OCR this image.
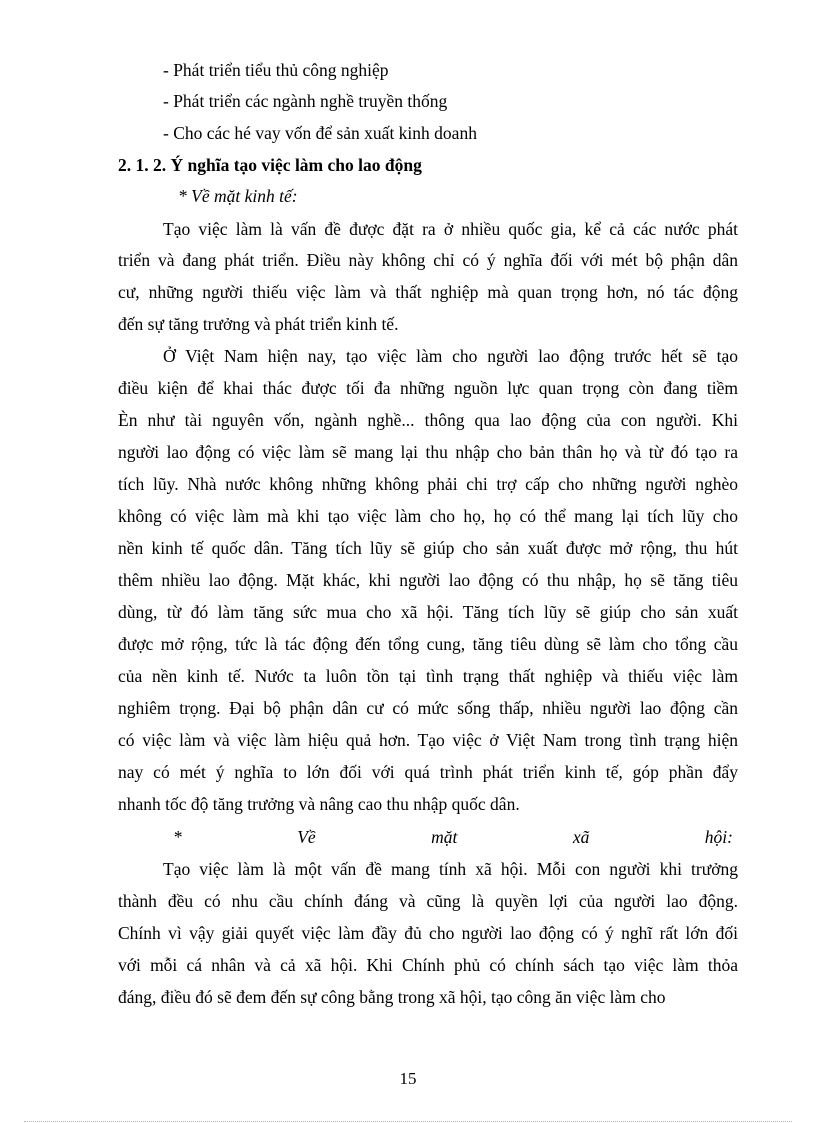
- Phát triển tiểu thủ công nghiệp
- Phát triển các ngành nghề truyền thống
- Cho các hé vay vốn để sản xuất kinh doanh
2. 1. 2. Ý nghĩa tạo việc làm cho lao động
* Về mặt kinh tế:
Tạo việc làm là vấn đề được đặt ra ở nhiều quốc gia, kể cả các nước phát
triển và đang phát triển. Điều này không chỉ có ý nghĩa đối với mét bộ phận dân
cư, những người thiếu việc làm và thất nghiệp mà quan trọng hơn, nó tác động
đến sự tăng trưởng và phát triển kinh tế.
Ở Việt Nam hiện nay, tạo việc làm cho người lao động trước hết sẽ tạo
điều kiện để khai thác được tối đa những nguồn lực quan trọng còn đang tiềm
Èn như tài nguyên vốn, ngành nghề... thông qua lao động của con người. Khi
người lao động có việc làm sẽ mang lại thu nhập cho bản thân họ và từ đó tạo ra
tích lũy. Nhà nước không những không phải chi trợ cấp cho những người nghèo
không có việc làm mà khi tạo việc làm cho họ, họ có thể mang lại tích lũy cho
nền kinh tế quốc dân. Tăng tích lũy sẽ giúp cho sản xuất được mở rộng, thu hút
thêm nhiều lao động. Mặt khác, khi người lao động có thu nhập, họ sẽ tăng tiêu
dùng, từ đó làm tăng sức mua cho xã hội. Tăng tích lũy sẽ giúp cho sản xuất
được mở rộng, tức là tác động đến tổng cung, tăng tiêu dùng sẽ làm cho tổng cầu
của nền kinh tế. Nước ta luôn tồn tại tình trạng thất nghiệp và thiếu việc làm
nghiêm trọng. Đại bộ phận dân cư có mức sống thấp, nhiều người lao động cần
có việc làm và việc làm hiệu quả hơn. Tạo việc ở Việt Nam trong tình trạng hiện
nay có mét ý nghĩa to lớn đối với quá trình phát triển kinh tế, góp phần đẩy
nhanh tốc độ tăng trưởng và nâng cao thu nhập quốc dân.
* Về mặt xã hội:
Tạo việc làm là một vấn đề mang tính xã hội. Mỗi con người khi trưởng
thành đều có nhu cầu chính đáng và cũng là quyền lợi của người lao động.
Chính vì vậy giải quyết việc làm đầy đủ cho người lao động có ý nghĩ rất lớn đối
với mỗi cá nhân và cả xã hội. Khi Chính phủ có chính sách tạo việc làm thỏa
đáng, điều đó sẽ đem đến sự công bằng trong xã hội, tạo công ăn việc làm cho
15
